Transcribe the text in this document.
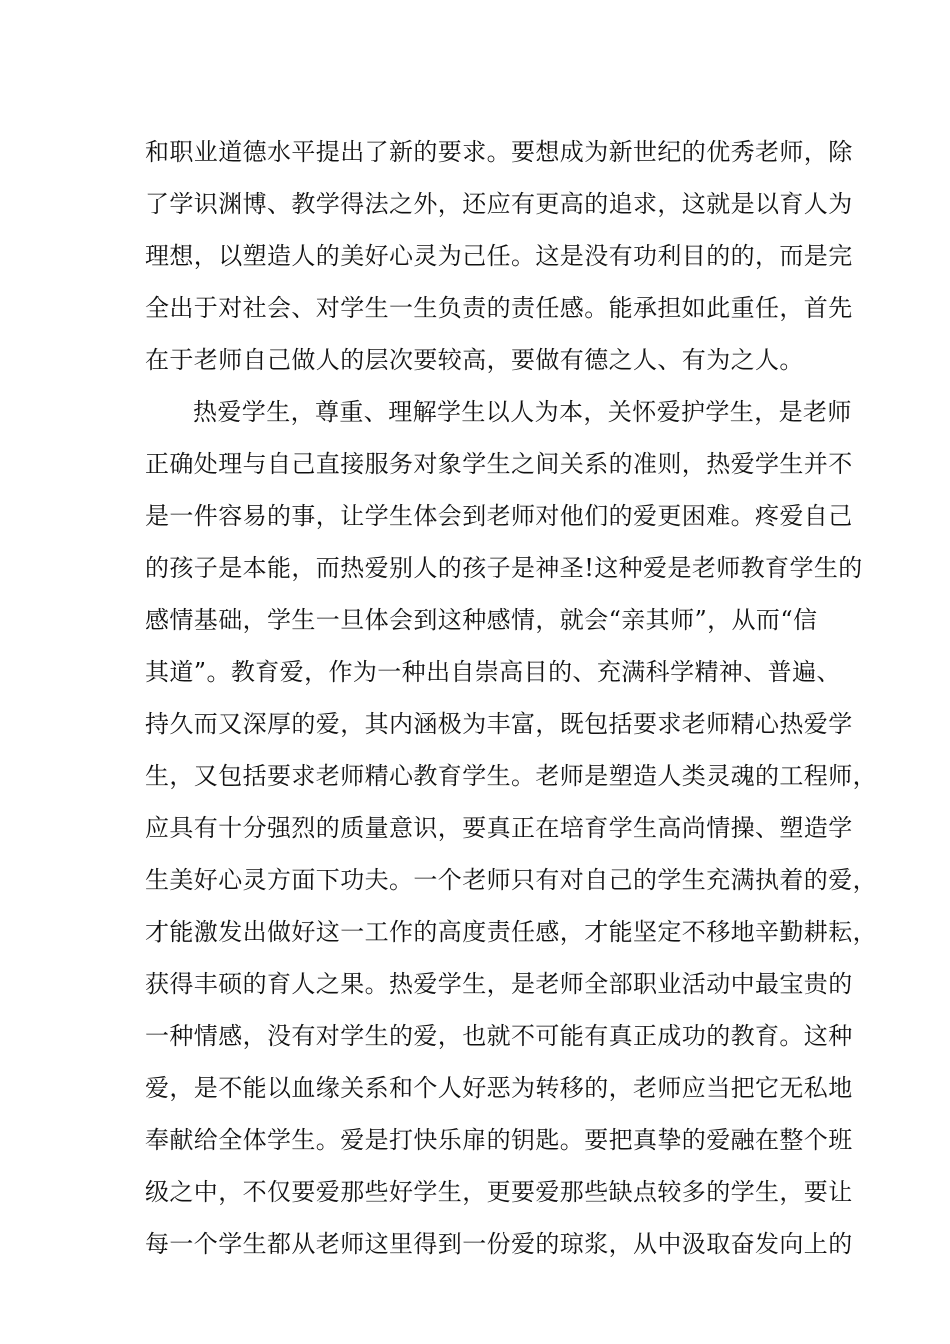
和职业道德水平提出了新的要求。要想成为新世纪的优秀老师，除
了学识渊博、教学得法之外，还应有更高的追求，这就是以育人为
理想，以塑造人的美好心灵为己任。这是没有功利目的的，而是完
全出于对社会、对学生一生负责的责任感。能承担如此重任，首先
在于老师自己做人的层次要较高，要做有德之人、有为之人。
热爱学生，尊重、理解学生以人为本，关怀爱护学生，是老师
正确处理与自己直接服务对象学生之间关系的准则，热爱学生并不
是一件容易的事，让学生体会到老师对他们的爱更困难。疼爱自己
的孩子是本能，而热爱别人的孩子是神圣!这种爱是老师教育学生的
感情基础，学生一旦体会到这种感情，就会“亲其师”，从而“信
其道”。教育爱，作为一种出自崇高目的、充满科学精神、普遍、
持久而又深厚的爱，其内涵极为丰富，既包括要求老师精心热爱学
生，又包括要求老师精心教育学生。老师是塑造人类灵魂的工程师，
应具有十分强烈的质量意识，要真正在培育学生高尚情操、塑造学
生美好心灵方面下功夫。一个老师只有对自己的学生充满执着的爱，
才能激发出做好这一工作的高度责任感，才能坚定不移地辛勤耕耘，
获得丰硕的育人之果。热爱学生，是老师全部职业活动中最宝贵的
一种情感，没有对学生的爱，也就不可能有真正成功的教育。这种
爱，是不能以血缘关系和个人好恶为转移的，老师应当把它无私地
奉献给全体学生。爱是打快乐扉的钥匙。要把真挚的爱融在整个班
级之中，不仅要爱那些好学生，更要爱那些缺点较多的学生，要让
每一个学生都从老师这里得到一份爱的琼浆，从中汲取奋发向上的
